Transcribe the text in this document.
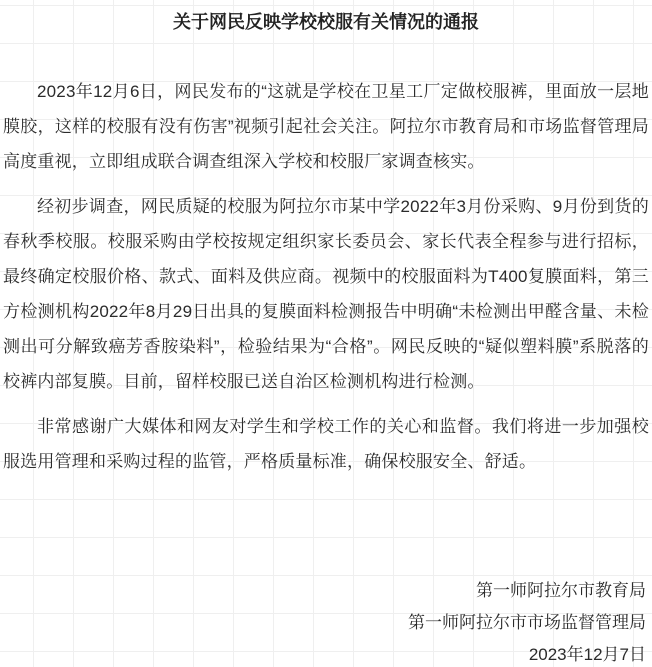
关于网民反映学校校服有关情况的通报

2023年12月6日，网民发布的“这就是学校在卫星工厂定做校服裤，里面放一层地膜胶，这样的校服有没有伤害”视频引起社会关注。阿拉尔市教育局和市场监督管理局高度重视，立即组成联合调查组深入学校和校服厂家调查核实。

经初步调查，网民质疑的校服为阿拉尔市某中学2022年3月份采购、9月份到货的春秋季校服。校服采购由学校按规定组织家长委员会、家长代表全程参与进行招标，最终确定校服价格、款式、面料及供应商。视频中的校服面料为T400复膜面料，第三方检测机构2022年8月29日出具的复膜面料检测报告中明确“未检测出甲醛含量、未检测出可分解致癌芳香胺染料”，检验结果为“合格”。网民反映的“疑似塑料膜”系脱落的校裤内部复膜。目前，留样校服已送自治区检测机构进行检测。

非常感谢广大媒体和网友对学生和学校工作的关心和监督。我们将进一步加强校服选用管理和采购过程的监管，严格质量标准，确保校服安全、舒适。

第一师阿拉尔市教育局
第一师阿拉尔市市场监督管理局
2023年12月7日
